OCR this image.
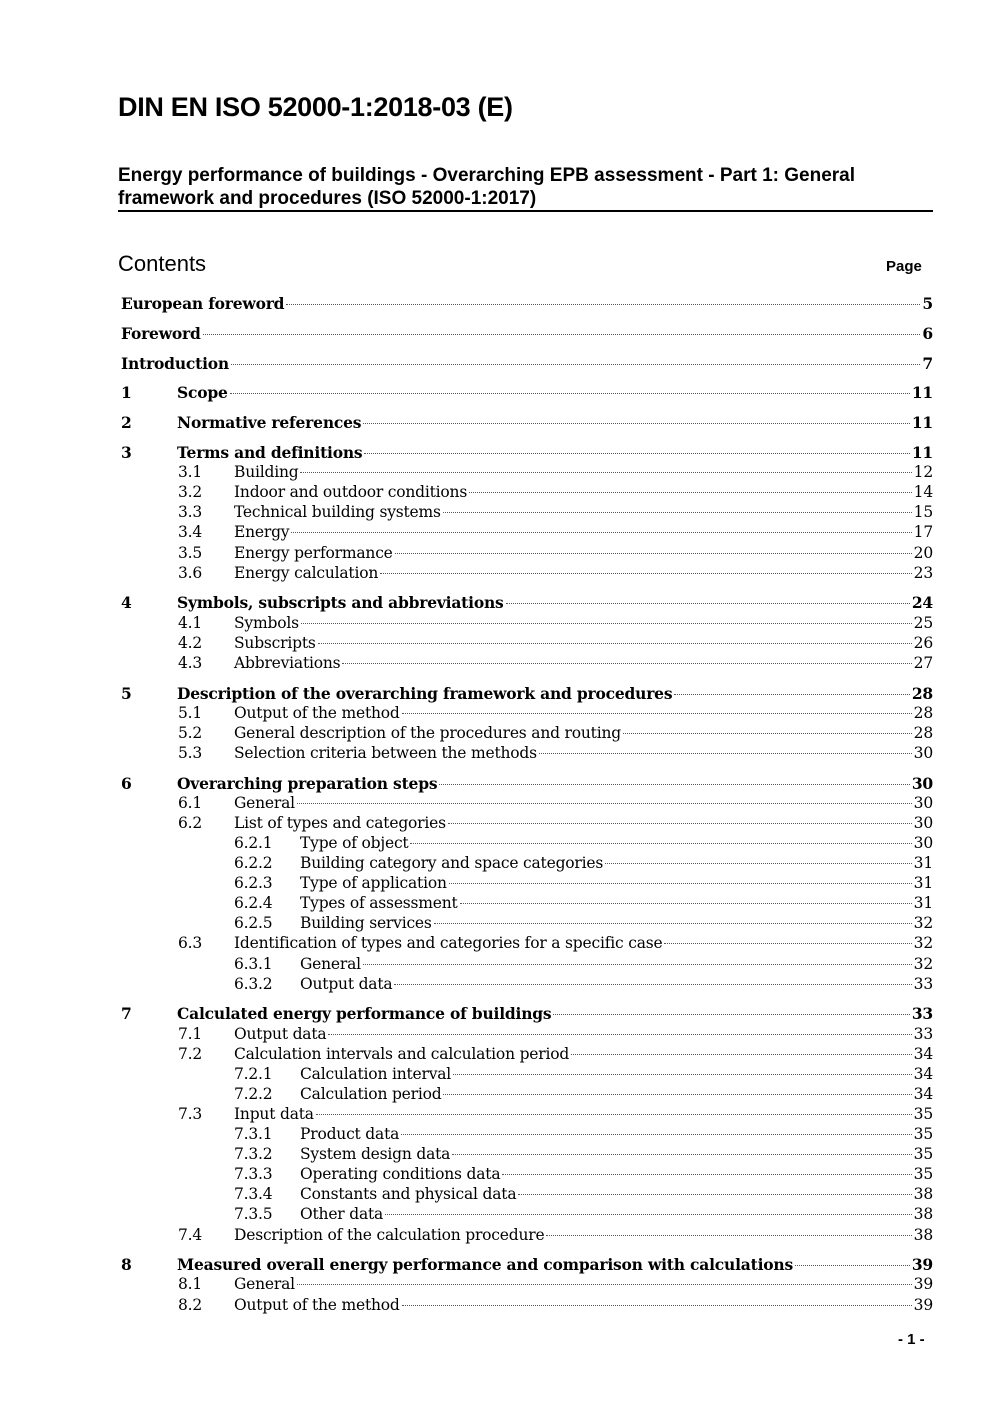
DIN EN ISO 52000-1:2018-03 (E)
Energy performance of buildings - Overarching EPB assessment - Part 1: General framework and procedures (ISO 52000-1:2017)
Contents	Page
European foreword	5
Foreword	6
Introduction	7
1	Scope	11
2	Normative references	11
3	Terms and definitions	11
3.1 Building	12
3.2 Indoor and outdoor conditions	14
3.3 Technical building systems	15
3.4 Energy	17
3.5 Energy performance	20
3.6 Energy calculation	23
4	Symbols, subscripts and abbreviations	24
4.1 Symbols	25
4.2 Subscripts	26
4.3 Abbreviations	27
5	Description of the overarching framework and procedures	28
5.1 Output of the method	28
5.2 General description of the procedures and routing	28
5.3 Selection criteria between the methods	30
6	Overarching preparation steps	30
6.1 General	30
6.2 List of types and categories	30
6.2.1 Type of object	30
6.2.2 Building category and space categories	31
6.2.3 Type of application	31
6.2.4 Types of assessment	31
6.2.5 Building services	32
6.3 Identification of types and categories for a specific case	32
6.3.1 General	32
6.3.2 Output data	33
7	Calculated energy performance of buildings	33
7.1 Output data	33
7.2 Calculation intervals and calculation period	34
7.2.1 Calculation interval	34
7.2.2 Calculation period	34
7.3 Input data	35
7.3.1 Product data	35
7.3.2 System design data	35
7.3.3 Operating conditions data	35
7.3.4 Constants and physical data	38
7.3.5 Other data	38
7.4 Description of the calculation procedure	38
8	Measured overall energy performance and comparison with calculations	39
8.1 General	39
8.2 Output of the method	39
- 1 -
